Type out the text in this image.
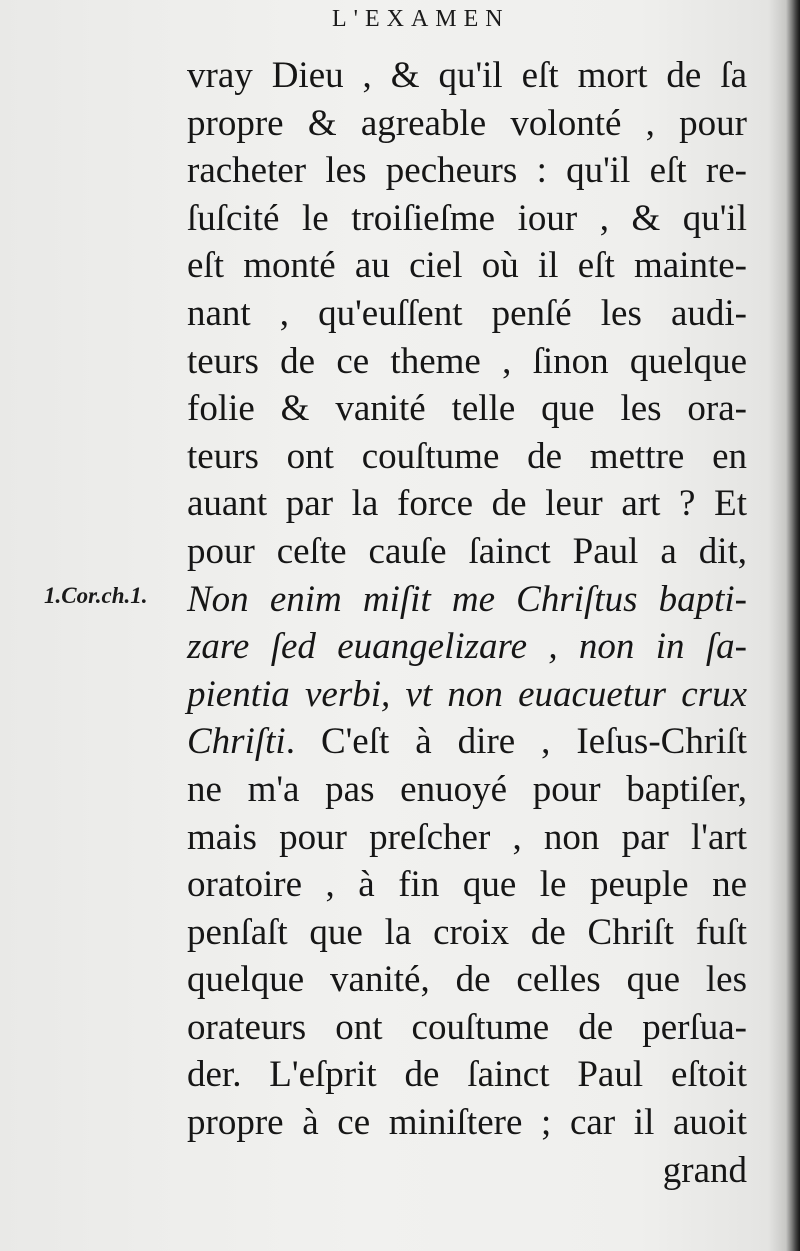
L'EXAMEN
1.Cor.ch.1.
vray Dieu , & qu'il eſt mort de ſa
propre & agreable volonté , pour
racheter les pecheurs : qu'il eſt re-
ſuſcité le troiſieſme iour , & qu'il
eſt monté au ciel où il eſt mainte-
nant , qu'euſſent penſé les audi-
teurs de ce theme , ſinon quelque
folie & vanité telle que les ora-
teurs ont couſtume de mettre en
auant par la force de leur art ? Et
pour ceſte cauſe ſainct Paul a dit,
Non enim miſit me Chriſtus bapti-
zare ſed euangelizare , non in ſa-
pientia verbi, vt non euacuetur crux
Chriſti. C'eſt à dire , Ieſus-Chriſt
ne m'a pas enuoyé pour baptiſer,
mais pour preſcher , non par l'art
oratoire , à fin que le peuple ne
penſaſt que la croix de Chriſt fuſt
quelque vanité, de celles que les
orateurs ont couſtume de perſua-
der. L'eſprit de ſainct Paul eſtoit
propre à ce miniſtere ; car il auoit
grand
